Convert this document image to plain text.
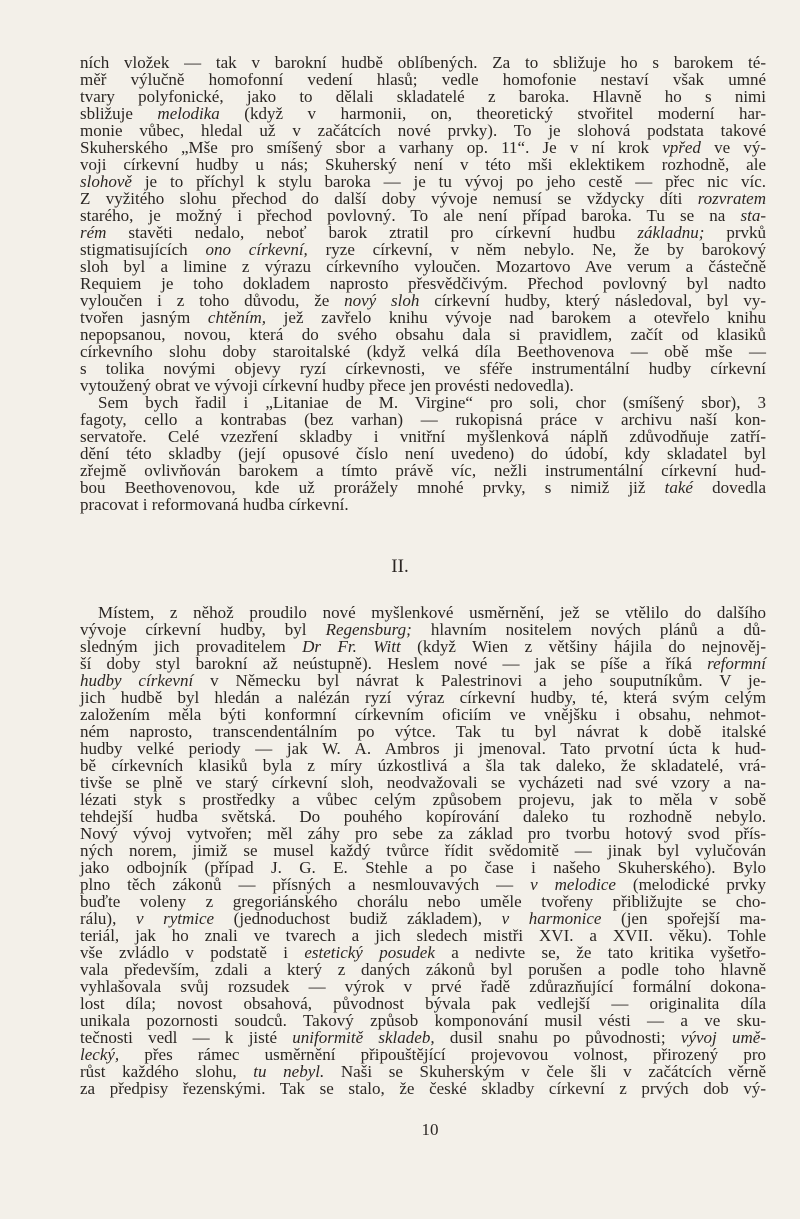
ních vložek — tak v barokní hudbě oblíbených. Za to sbližuje ho s barokem té-
měř výlučně homofonní vedení hlasů; vedle homofonie nestaví však umné
tvary polyfonické, jako to dělali skladatelé z baroka. Hlavně ho s nimi
sbližuje melodika (když v harmonii, on, theoretický stvořitel moderní har-
monie vůbec, hledal už v začátcích nové prvky). To je slohová podstata takové
Skuherského „Mše pro smíšený sbor a varhany op. 11“. Je v ní krok vpřed ve vý-
voji církevní hudby u nás; Skuherský není v této mši eklektikem rozhodně, ale
slohově je to příchyl k stylu baroka — je tu vývoj po jeho cestě — přec nic víc.
Z vyžitého slohu přechod do další doby vývoje nemusí se vždycky díti rozvratem
starého, je možný i přechod povlovný. To ale není případ baroka. Tu se na sta-
rém stavěti nedalo, neboť barok ztratil pro církevní hudbu základnu; prvků
stigmatisujících ono církevní, ryze církevní, v něm nebylo. Ne, že by barokový
sloh byl a limine z výrazu církevního vyloučen. Mozartovo Ave verum a částečně
Requiem je toho dokladem naprosto přesvědčivým. Přechod povlovný byl nadto
vyloučen i z toho důvodu, že nový sloh církevní hudby, který následoval, byl vy-
tvořen jasným chtěním, jež zavřelo knihu vývoje nad barokem a otevřelo knihu
nepopsanou, novou, která do svého obsahu dala si pravidlem, začít od klasiků
církevního slohu doby staroitalské (když velká díla Beethovenova — obě mše —
s tolika novými objevy ryzí církevnosti, ve sféře instrumentální hudby církevní
vytoužený obrat ve vývoji církevní hudby přece jen provésti nedovedla).
Sem bych řadil i „Litaniae de M. Virgine“ pro soli, chor (smíšený sbor), 3
fagoty, cello a kontrabas (bez varhan) — rukopisná práce v archivu naší kon-
servatoře. Celé vzezření skladby i vnitřní myšlenková náplň zdůvodňuje zatří-
dění této skladby (její opusové číslo není uvedeno) do údobí, kdy skladatel byl
zřejmě ovlivňován barokem a tímto právě víc, nežli instrumentální církevní hud-
bou Beethovenovou, kde už prorážely mnohé prvky, s nimiž již také dovedla
pracovat i reformovaná hudba církevní.
II.
Místem, z něhož proudilo nové myšlenkové usměrnění, jež se vtělilo do dalšího
vývoje církevní hudby, byl Regensburg; hlavním nositelem nových plánů a dů-
sledným jich provaditelem Dr Fr. Witt (když Wien z většiny hájila do nejnověj-
ší doby styl barokní až neústupně). Heslem nové — jak se píše a říká reformní
hudby církevní v Německu byl návrat k Palestrinovi a jeho souputníkům. V je-
jich hudbě byl hledán a nalézán ryzí výraz církevní hudby, té, která svým celým
založením měla býti konformní církevním oficiím ve vnějšku i obsahu, nehmot-
ném naprosto, transcendentálním po výtce. Tak tu byl návrat k době italské
hudby velké periody — jak W. A. Ambros ji jmenoval. Tato prvotní úcta k hud-
bě církevních klasiků byla z míry úzkostlivá a šla tak daleko, že skladatelé, vrá-
tivše se plně ve starý církevní sloh, neodvažovali se vycházeti nad své vzory a na-
lézati styk s prostředky a vůbec celým způsobem projevu, jak to měla v sobě
tehdejší hudba světská. Do pouhého kopírování daleko tu rozhodně nebylo.
Nový vývoj vytvořen; měl záhy pro sebe za základ pro tvorbu hotový svod přís-
ných norem, jimiž se musel každý tvůrce řídit svědomitě — jinak byl vylučován
jako odbojník (případ J. G. E. Stehle a po čase i našeho Skuherského). Bylo
plno těch zákonů — přísných a nesmlouvavých — v melodice (melodické prvky
buďte voleny z gregoriánského chorálu nebo uměle tvořeny přibližujte se cho-
rálu), v rytmice (jednoduchost budiž základem), v harmonice (jen spořejší ma-
teriál, jak ho znali ve tvarech a jich sledech mistři XVI. a XVII. věku). Tohle
vše zvládlo v podstatě i estetický posudek a nedivte se, že tato kritika vyšetřo-
vala především, zdali a který z daných zákonů byl porušen a podle toho hlavně
vyhlašovala svůj rozsudek — výrok v prvé řadě zdůrazňující formální dokona-
lost díla; novost obsahová, původnost bývala pak vedlejší — originalita díla
unikala pozornosti soudců. Takový způsob komponování musil vésti — a ve sku-
tečnosti vedl — k jisté uniformitě skladeb, dusil snahu po původnosti; vývoj umě-
lecký, přes rámec usměrnění připouštějící projevovou volnost, přirozený pro
růst každého slohu, tu nebyl. Naši se Skuherským v čele šli v začátcích věrně
za předpisy řezenskými. Tak se stalo, že české skladby církevní z prvých dob vý-
10
